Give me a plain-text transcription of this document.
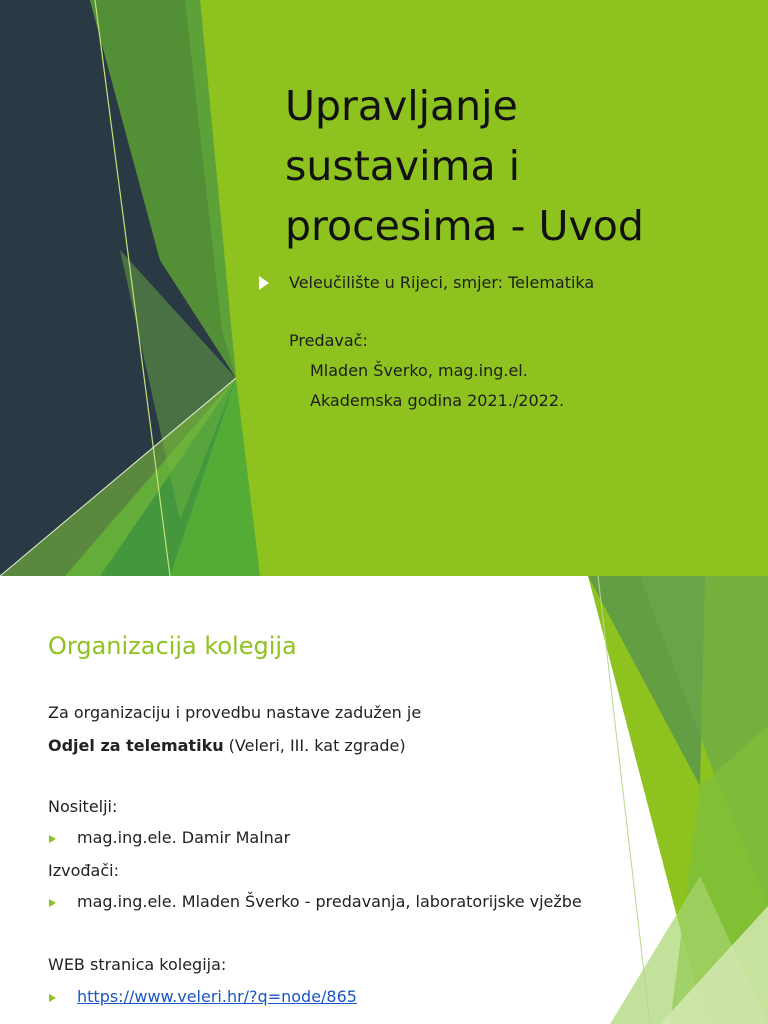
Upravljanje
sustavima i
procesima - Uvod
Veleučilište u Rijeci, smjer: Telematika
Predavač:
Mladen Šverko, mag.ing.el.
Akademska godina 2021./2022.
Organizacija kolegija
Za organizaciju i provedbu nastave zadužen je
Odjel za telematiku (Veleri, III. kat zgrade)
Nositelji:
mag.ing.ele. Damir Malnar
Izvođači:
mag.ing.ele. Mladen Šverko - predavanja, laboratorijske vježbe
WEB stranica kolegija:
https://www.veleri.hr/?q=node/865
